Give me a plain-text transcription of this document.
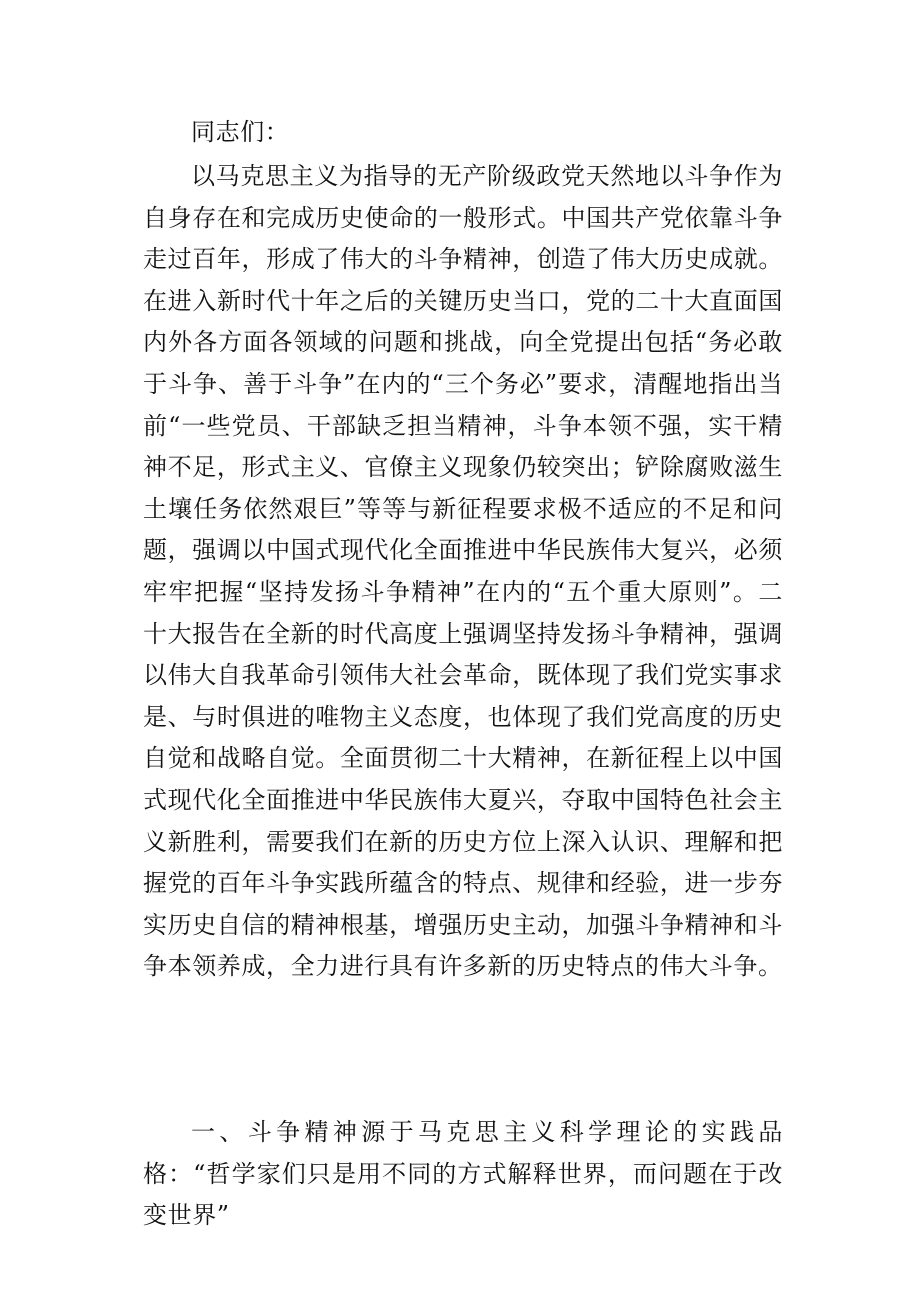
同志们：

以马克思主义为指导的无产阶级政党天然地以斗争作为自身存在和完成历史使命的一般形式。中国共产党依靠斗争走过百年，形成了伟大的斗争精神，创造了伟大历史成就。在进入新时代十年之后的关键历史当口，党的二十大直面国内外各方面各领域的问题和挑战，向全党提出包括“务必敢于斗争、善于斗争”在内的“三个务必”要求，清醒地指出当前“一些党员、干部缺乏担当精神，斗争本领不强，实干精神不足，形式主义、官僚主义现象仍较突出；铲除腐败滋生土壤任务依然艰巨”等等与新征程要求极不适应的不足和问题，强调以中国式现代化全面推进中华民族伟大复兴，必须牢牢把握“坚持发扬斗争精神”在内的“五个重大原则”。二十大报告在全新的时代高度上强调坚持发扬斗争精神，强调以伟大自我革命引领伟大社会革命，既体现了我们党实事求是、与时俱进的唯物主义态度，也体现了我们党高度的历史自觉和战略自觉。全面贯彻二十大精神，在新征程上以中国式现代化全面推进中华民族伟大夏兴，夺取中国特色社会主义新胜利，需要我们在新的历史方位上深入认识、理解和把握党的百年斗争实践所蕴含的特点、规律和经验，进一步夯实历史自信的精神根基，增强历史主动，加强斗争精神和斗争本领养成，全力进行具有许多新的历史特点的伟大斗争。

一、斗争精神源于马克思主义科学理论的实践品格：“哲学家们只是用不同的方式解释世界，而问题在于改变世界”
